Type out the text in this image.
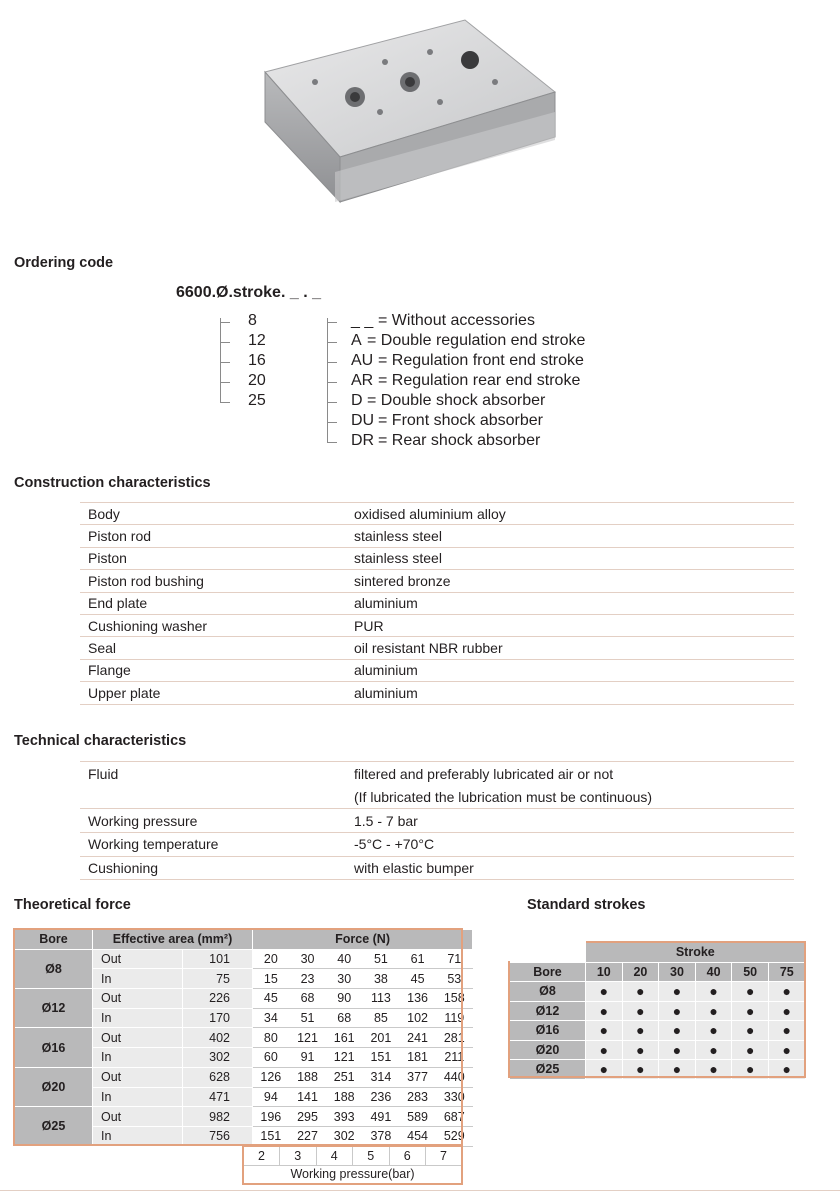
Ordering code
6600.Ø.stroke. _ . _
8
12
16
20
25
_ _ = Without accessories
A = Double regulation end stroke
AU = Regulation front end stroke
AR = Regulation rear end stroke
D = Double shock absorber
DU = Front shock absorber
DR = Rear shock absorber
Construction characteristics
Body	oxidised aluminium alloy
Piston rod	stainless steel
Piston	stainless steel
Piston rod bushing	sintered bronze
End plate	aluminium
Cushioning washer	PUR
Seal	oil resistant NBR rubber
Flange	aluminium
Upper plate	aluminium
Technical characteristics
Fluid	filtered and preferably lubricated air or not
	(If lubricated the lubrication must be continuous)
Working pressure	1.5 - 7 bar
Working temperature	-5°C - +70°C
Cushioning	with elastic bumper
Theoretical force
Bore	Effective area (mm²)		Force (N)					
Ø8	Out	101	20	30	40	51	61	71
	In	75	15	23	30	38	45	53
Ø12	Out	226	45	68	90	113	136	158
	In	170	34	51	68	85	102	119
Ø16	Out	402	80	121	161	201	241	281
	In	302	60	91	121	151	181	211
Ø20	Out	628	126	188	251	314	377	440
	In	471	94	141	188	236	283	330
Ø25	Out	982	196	295	393	491	589	687
	In	756	151	227	302	378	454	529
2	3	4	5	6	7
Working pressure(bar)
Standard strokes
	Stroke					
Bore	10	20	30	40	50	75
Ø8	●	●	●	●	●	●
Ø12	●	●	●	●	●	●
Ø16	●	●	●	●	●	●
Ø20	●	●	●	●	●	●
Ø25	●	●	●	●	●	●
